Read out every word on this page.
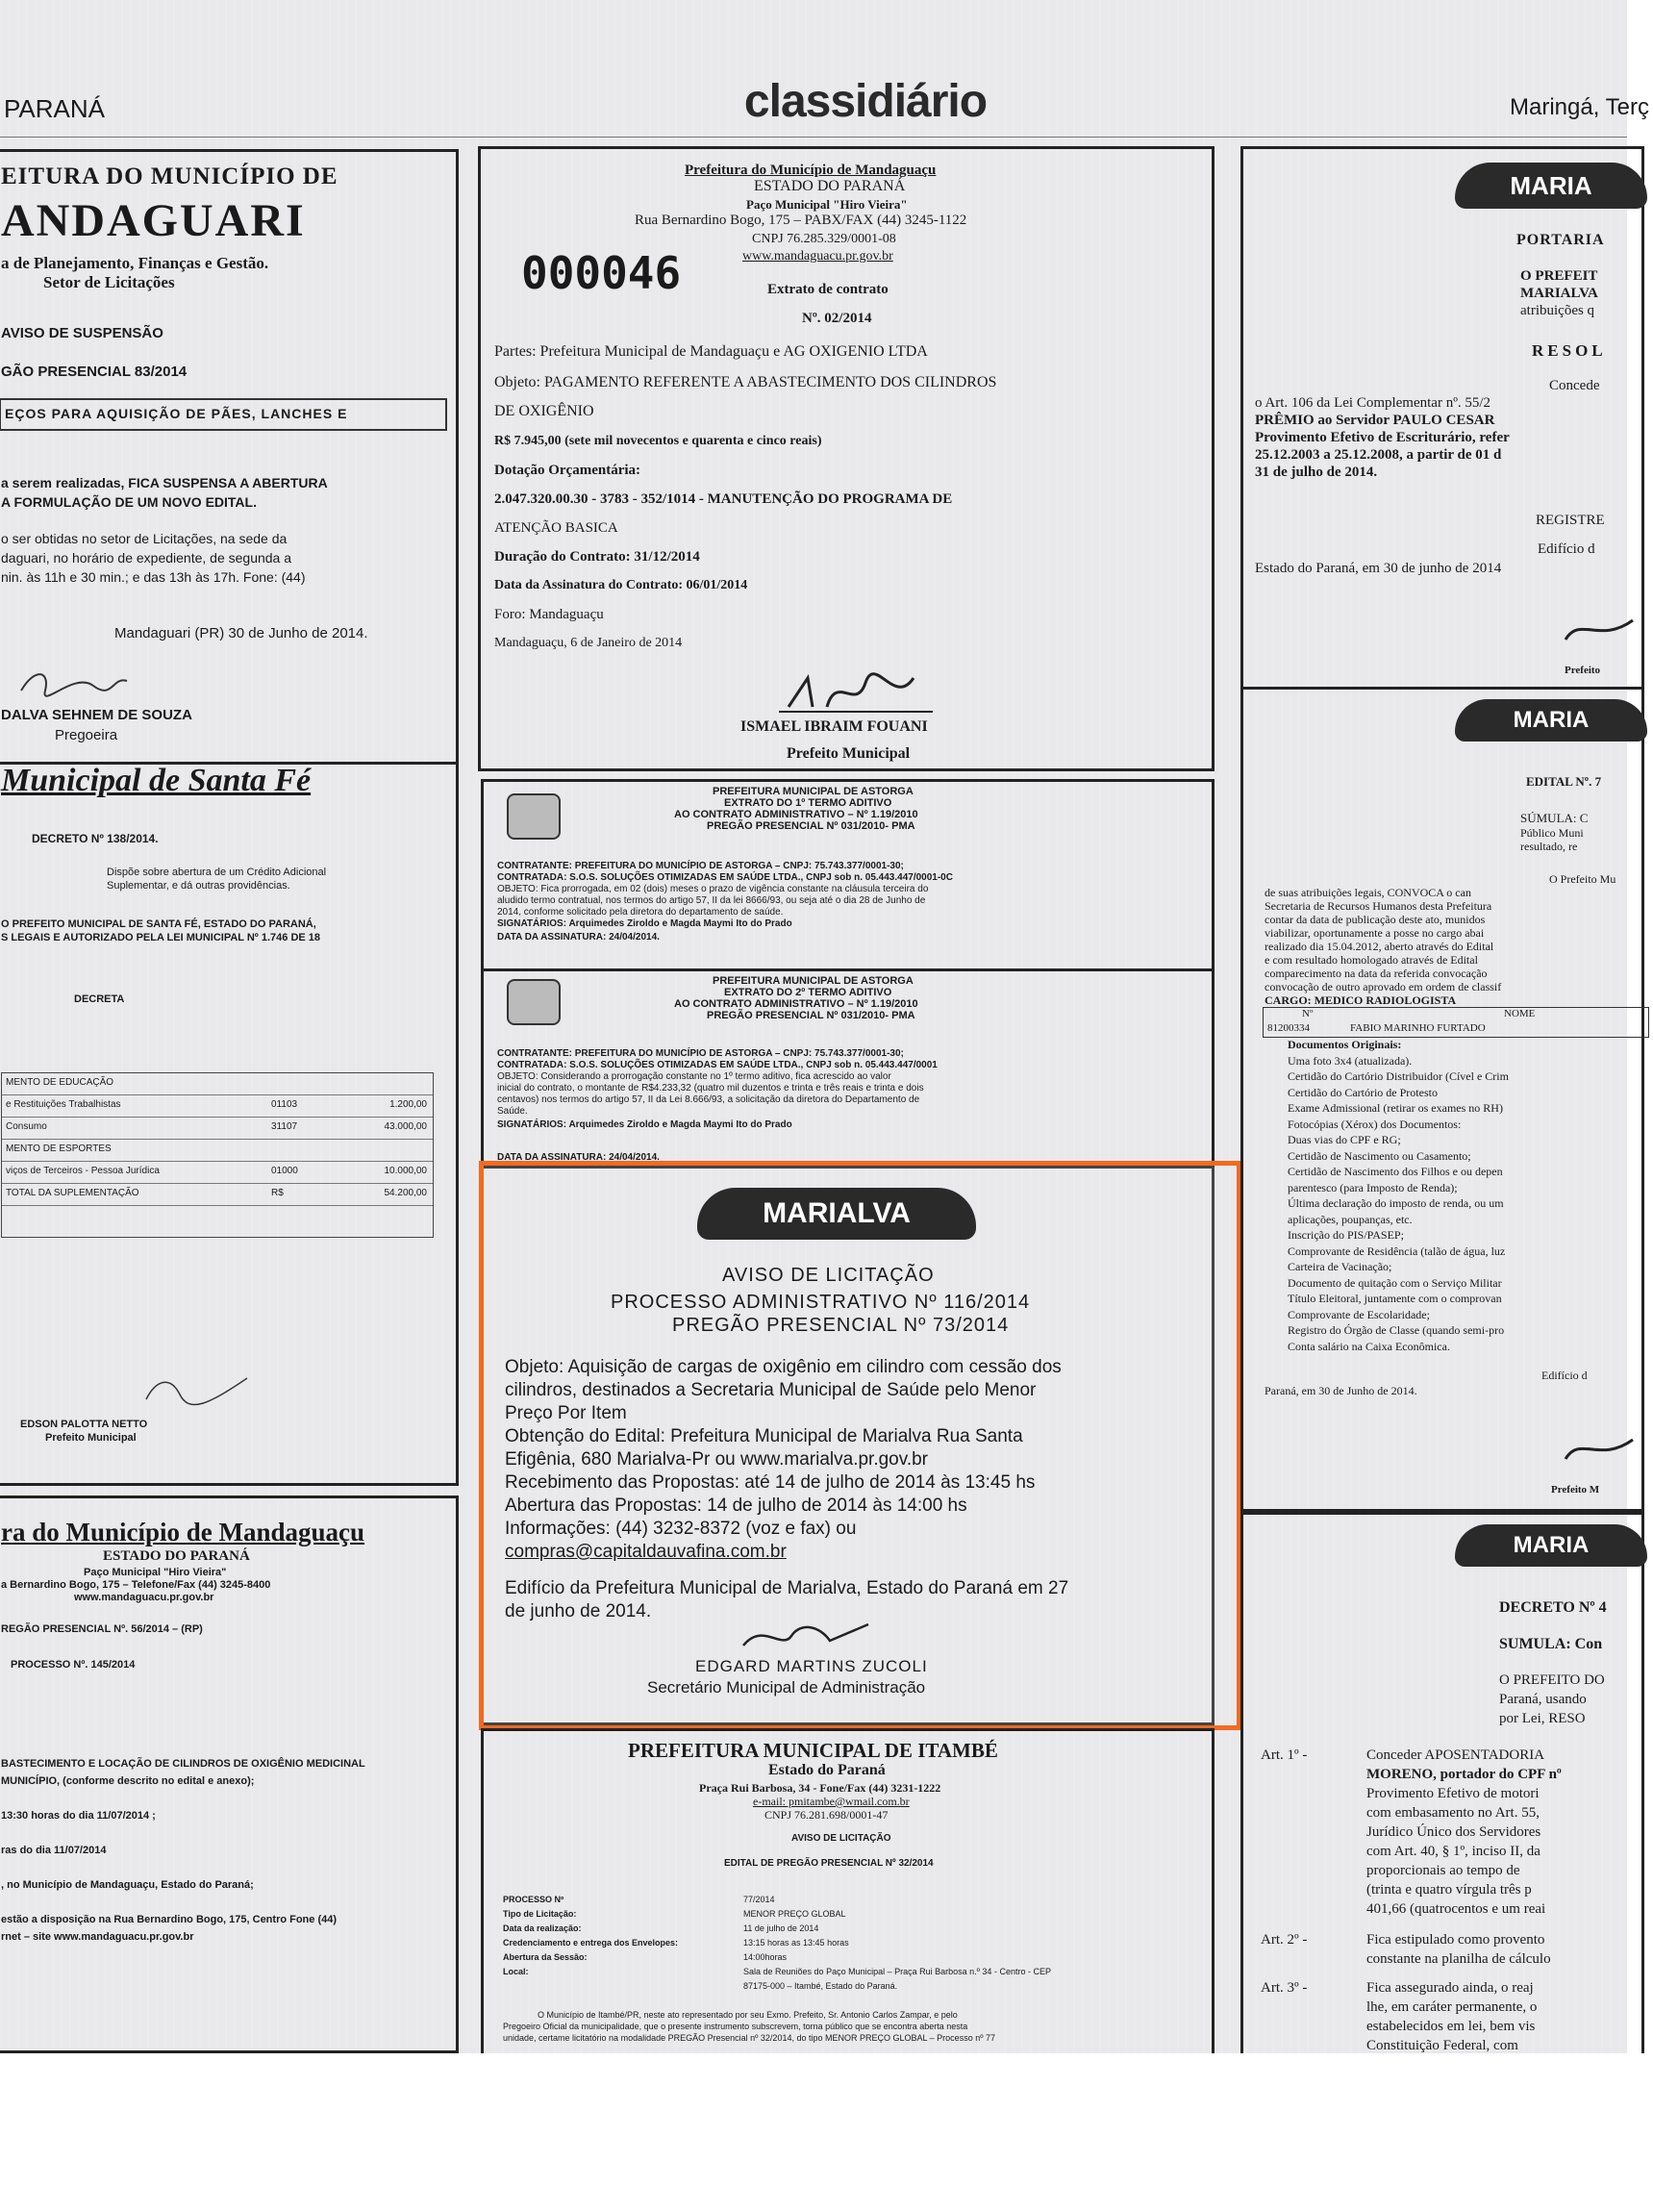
PARANÁ	classidiário	Maringá, Terç
EITURA DO MUNICÍPIO DE
ANDAGUARI
a de Planejamento, Finanças e Gestão.
Setor de Licitações
AVISO DE SUSPENSÃO
GÃO PRESENCIAL 83/2014
EÇOS PARA AQUISIÇÃO DE PÃES, LANCHES E
a serem realizadas, FICA SUSPENSA A ABERTURA
A FORMULAÇÃO DE UM NOVO EDITAL.
o ser obtidas no setor de Licitações, na sede da
daguari, no horário de expediente, de segunda a
nin. às 11h e 30 min.; e das 13h às 17h. Fone: (44)
Mandaguari (PR) 30 de Junho de 2014.
DALVA SEHNEM DE SOUZA
Pregoeira
Municipal de Santa Fé
DECRETO Nº 138/2014.
Dispõe sobre abertura de um Crédito Adicional
Suplementar, e dá outras providências.
O PREFEITO MUNICIPAL DE SANTA FÉ, ESTADO DO PARANÁ,
S LEGAIS E AUTORIZADO PELA LEI MUNICIPAL Nº 1.746 DE 18
DECRETA
MENTO DE EDUCAÇÃO
e Restituições Trabalhistas	01103	1.200,00
Consumo	31107	43.000,00
MENTO DE ESPORTES
viços de Terceiros - Pessoa Jurídica	01000	10.000,00
TOTAL DA SUPLEMENTAÇÃO	R$	54.200,00
EDSON PALOTTA NETTO
Prefeito Municipal
ra do Município de Mandaguaçu
ESTADO DO PARANÁ
Paço Municipal "Hiro Vieira"
a Bernardino Bogo, 175 – Telefone/Fax (44) 3245-8400
www.mandaguacu.pr.gov.br
REGÃO PRESENCIAL Nº. 56/2014 – (RP)
PROCESSO Nº. 145/2014
BASTECIMENTO E LOCAÇÃO DE CILINDROS DE OXIGÊNIO MEDICINAL
MUNICÍPIO, (conforme descrito no edital e anexo);
13:30 horas do dia 11/07/2014 ;
ras do dia 11/07/2014
, no Município de Mandaguaçu, Estado do Paraná;
estão a disposição na Rua Bernardino Bogo, 175, Centro Fone (44)
rnet – site www.mandaguacu.pr.gov.br
Prefeitura do Município de Mandaguaçu
ESTADO DO PARANÁ
Paço Municipal "Hiro Vieira"
Rua Bernardino Bogo, 175 – PABX/FAX (44) 3245-1122
CNPJ 76.285.329/0001-08
www.mandaguacu.pr.gov.br
000046	Extrato de contrato
Nº. 02/2014
Partes: Prefeitura Municipal de Mandaguaçu e AG OXIGENIO LTDA
Objeto: PAGAMENTO REFERENTE A ABASTECIMENTO DOS CILINDROS
DE OXIGÊNIO
R$ 7.945,00 (sete mil novecentos e quarenta e cinco reais)
Dotação Orçamentária:
2.047.320.00.30 - 3783 - 352/1014 - MANUTENÇÃO DO PROGRAMA DE
ATENÇÃO BASICA
Duração do Contrato: 31/12/2014
Data da Assinatura do Contrato: 06/01/2014
Foro: Mandaguaçu
Mandaguaçu, 6 de Janeiro de 2014
ISMAEL IBRAIM FOUANI
Prefeito Municipal
PREFEITURA MUNICIPAL DE ASTORGA
EXTRATO DO 1º TERMO ADITIVO
AO CONTRATO ADMINISTRATIVO – Nº 1.19/2010
PREGÃO PRESENCIAL Nº 031/2010- PMA
CONTRATANTE: PREFEITURA DO MUNICÍPIO DE ASTORGA – CNPJ: 75.743.377/0001-30;
CONTRATADA: S.O.S. SOLUÇÕES OTIMIZADAS EM SAÚDE LTDA., CNPJ sob n. 05.443.447/0001-0C
OBJETO: Fica prorrogada, em 02 (dois) meses o prazo de vigência constante na cláusula terceira do
aludido termo contratual, nos termos do artigo 57, II da lei 8666/93, ou seja até o dia 28 de Junho de
2014, conforme solicitado pela diretora do departamento de saúde.
SIGNATÁRIOS: Arquimedes Ziroldo e Magda Maymi Ito do Prado
DATA DA ASSINATURA: 24/04/2014.
PREFEITURA MUNICIPAL DE ASTORGA
EXTRATO DO 2º TERMO ADITIVO
AO CONTRATO ADMINISTRATIVO – Nº 1.19/2010
PREGÃO PRESENCIAL Nº 031/2010- PMA
CONTRATANTE: PREFEITURA DO MUNICÍPIO DE ASTORGA – CNPJ: 75.743.377/0001-30;
CONTRATADA: S.O.S. SOLUÇÕES OTIMIZADAS EM SAÚDE LTDA., CNPJ sob n. 05.443.447/0001
OBJETO: Considerando a prorrogação constante no 1º termo aditivo, fica acrescido ao valor
inicial do contrato, o montante de R$4.233,32 (quatro mil duzentos e trinta e três reais e trinta e dois
centavos) nos termos do artigo 57, II da Lei 8.666/93, a solicitação da diretora do Departamento de
Saúde.
SIGNATÁRIOS: Arquimedes Ziroldo e Magda Maymi Ito do Prado
DATA DA ASSINATURA: 24/04/2014.
MARIALVA
AVISO DE LICITAÇÃO
PROCESSO ADMINISTRATIVO Nº 116/2014
PREGÃO PRESENCIAL Nº 73/2014
Objeto: Aquisição de cargas de oxigênio em cilindro com cessão dos
cilindros, destinados a Secretaria Municipal de Saúde pelo Menor
Preço Por Item
Obtenção do Edital: Prefeitura Municipal de Marialva Rua Santa
Efigênia, 680 Marialva-Pr ou www.marialva.pr.gov.br
Recebimento das Propostas: até 14 de julho de 2014 às 13:45 hs
Abertura das Propostas: 14 de julho de 2014 às 14:00 hs
Informações: (44) 3232-8372 (voz e fax) ou
compras@capitaldauvafina.com.br
Edifício da Prefeitura Municipal de Marialva, Estado do Paraná em 27
de junho de 2014.
EDGARD MARTINS ZUCOLI
Secretário Municipal de Administração
PREFEITURA MUNICIPAL DE ITAMBÉ
Estado do Paraná
Praça Rui Barbosa, 34 - Fone/Fax (44) 3231-1222
e-mail: pmitambe@wmail.com.br
CNPJ 76.281.698/0001-47
AVISO DE LICITAÇÃO
EDITAL DE PREGÃO PRESENCIAL Nº 32/2014
PROCESSO Nº	77/2014
Tipo de Licitação:	MENOR PREÇO GLOBAL
Data da realização:	11 de julho de 2014
Credenciamento e entrega dos Envelopes:	13:15 horas as 13:45 horas
Abertura da Sessão:	14:00horas
Local:	Sala de Reuniões do Paço Municipal – Praça Rui Barbosa n.º 34 - Centro - CEP
87175-000 – Itambé, Estado do Paraná.
O Município de Itambé/PR, neste ato representado por seu Exmo. Prefeito, Sr. Antonio Carlos Zampar, e pelo
Pregoeiro Oficial da municipalidade, que o presente instrumento subscrevem, torna público que se encontra aberta nesta
unidade, certame licitatório na modalidade PREGÃO Presencial nº 32/2014, do tipo MENOR PREÇO GLOBAL – Processo nº 77
MARIA
PORTARIA
O PREFEIT
MARIALVA
atribuições q
RESOL
Concede
o Art. 106 da Lei Complementar nº. 55/2
PRÊMIO ao Servidor PAULO CESAR
Provimento Efetivo de Escriturário, refer
25.12.2003 a 25.12.2008, a partir de 01 d
31 de julho de 2014.
REGISTRE
Edifício d
Estado do Paraná, em 30 de junho de 2014
Prefeito
MARIA
EDITAL Nº. 7
SÚMULA: C
Público Muni
resultado, re
O Prefeito Mu
de suas atribuições legais, CONVOCA o can
Secretaria de Recursos Humanos desta Prefeitura
contar da data de publicação deste ato, munidos
viabilizar, oportunamente a posse no cargo abai
realizado dia 15.04.2012, aberto através do Edital
e com resultado homologado através de Edital
comparecimento na data da referida convocação
convocação de outro aprovado em ordem de classif
CARGO: MEDICO RADIOLOGISTA
Nº	NOME
81200334	FABIO MARINHO FURTADO
Documentos Originais:
Uma foto 3x4 (atualizada).
Certidão do Cartório Distribuidor (Cível e Crim
Certidão do Cartório de Protesto
Exame Admissional (retirar os exames no RH)
Fotocópias (Xérox) dos Documentos:
Duas vias do CPF e RG;
Certidão de Nascimento ou Casamento;
Certidão de Nascimento dos Filhos e ou depen
parentesco (para Imposto de Renda);
Última declaração do imposto de renda, ou um
aplicações, poupanças, etc.
Inscrição do PIS/PASEP;
Comprovante de Residência (talão de água, luz
Carteira de Vacinação;
Documento de quitação com o Serviço Militar
Título Eleitoral, juntamente com o comprovan
Comprovante de Escolaridade;
Registro do Órgão de Classe (quando semi-pro
Conta salário na Caixa Econômica.
Edifício d
Paraná, em 30 de Junho de 2014.
Prefeito M
MARIA
DECRETO Nº 4
SUMULA: Con
O PREFEITO DO
Paraná, usando
por Lei, RESO
Art. 1º -	Conceder APOSENTADORIA
MORENO, portador do CPF nº
Provimento Efetivo de motori
com embasamento no Art. 55,
Jurídico Único dos Servidores
com Art. 40, § 1º, inciso II, da
proporcionais ao tempo de
(trinta e quatro vírgula três p
401,66 (quatrocentos e um reai
Art. 2º -	Fica estipulado como provento
constante na planilha de cálculo
Art. 3º -	Fica assegurado ainda, o reaj
lhe, em caráter permanente, o
estabelecidos em lei, bem vis
Constituição Federal, com
